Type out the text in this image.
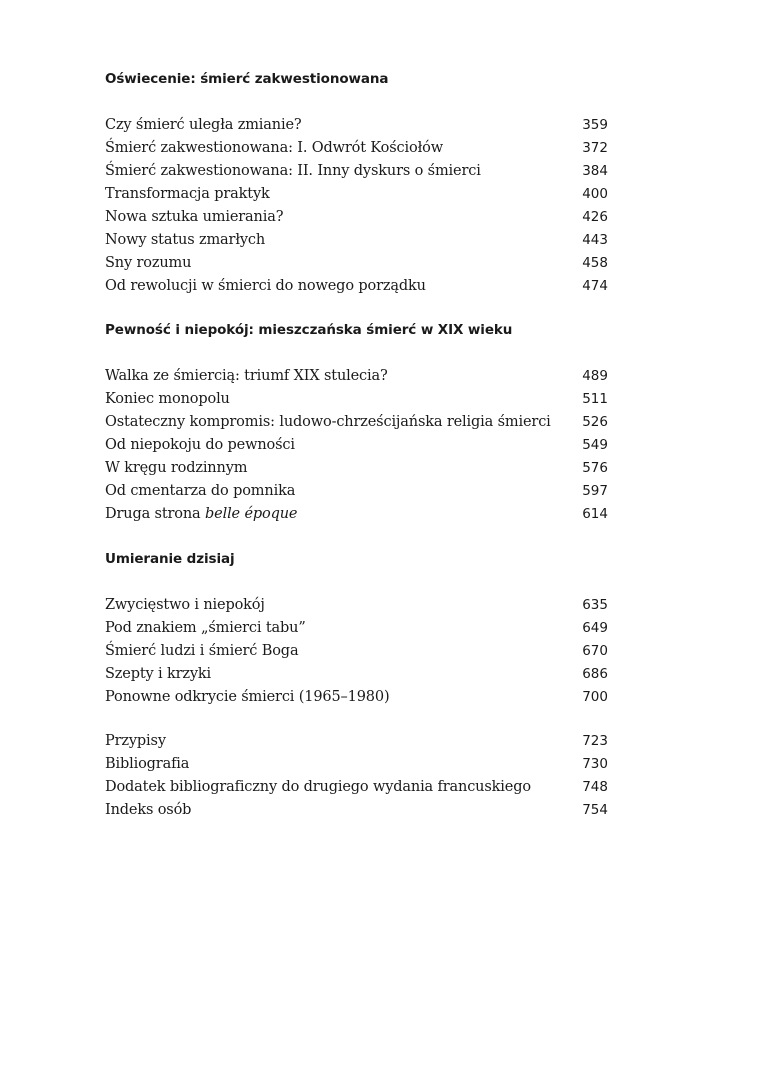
Oświecenie: śmierć zakwestionowana
Czy śmierć uległa zmianie?	359
Śmierć zakwestionowana: I. Odwrót Kościołów	372
Śmierć zakwestionowana: II. Inny dyskurs o śmierci	384
Transformacja praktyk	400
Nowa sztuka umierania?	426
Nowy status zmarłych	443
Sny rozumu	458
Od rewolucji w śmierci do nowego porządku	474
Pewność i niepokój: mieszczańska śmierć w XIX wieku
Walka ze śmiercią: triumf XIX stulecia?	489
Koniec monopolu	511
Ostateczny kompromis: ludowo-chrześcijańska religia śmierci	526
Od niepokoju do pewności	549
W kręgu rodzinnym	576
Od cmentarza do pomnika	597
Druga strona belle époque	614
Umieranie dzisiaj
Zwycięstwo i niepokój	635
Pod znakiem „śmierci tabu”	649
Śmierć ludzi i śmierć Boga	670
Szepty i krzyki	686
Ponowne odkrycie śmierci (1965–1980)	700
Przypisy	723
Bibliografia	730
Dodatek bibliograficzny do drugiego wydania francuskiego	748
Indeks osób	754
